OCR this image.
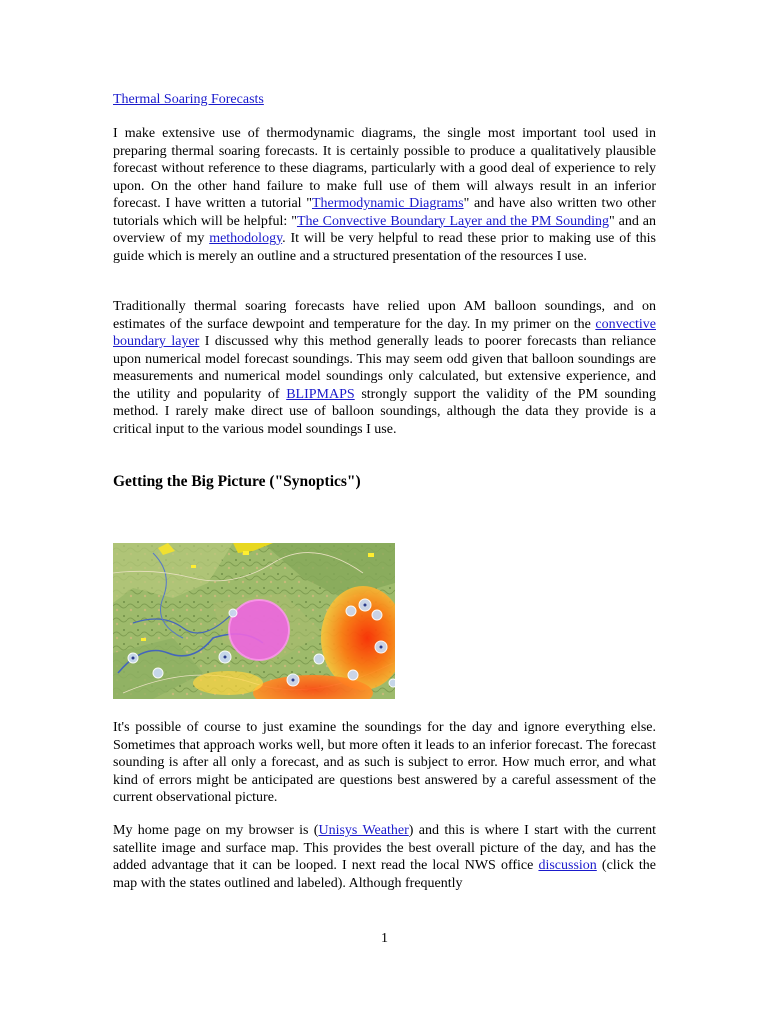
Thermal Soaring Forecasts

I make extensive use of thermodynamic diagrams, the single most important tool used in preparing thermal soaring forecasts. It is certainly possible to produce a qualitatively plausible forecast without reference to these diagrams, particularly with a good deal of experience to rely upon. On the other hand failure to make full use of them will always result in an inferior forecast. I have written a tutorial "Thermodynamic Diagrams" and have also written two other tutorials which will be helpful: "The Convective Boundary Layer and the PM Sounding" and an overview of my methodology. It will be very helpful to read these prior to making use of this guide which is merely an outline and a structured presentation of the resources I use.

Traditionally thermal soaring forecasts have relied upon AM balloon soundings, and on estimates of the surface dewpoint and temperature for the day. In my primer on the convective boundary layer I discussed why this method generally leads to poorer forecasts than reliance upon numerical model forecast soundings. This may seem odd given that balloon soundings are measurements and numerical model soundings only calculated, but extensive experience, and the utility and popularity of BLIPMAPS strongly support the validity of the PM sounding method. I rarely make direct use of balloon soundings, although the data they provide is a critical input to the various model soundings I use.

Getting the Big Picture ("Synoptics")

It's possible of course to just examine the soundings for the day and ignore everything else. Sometimes that approach works well, but more often it leads to an inferior forecast. The forecast sounding is after all only a forecast, and as such is subject to error. How much error, and what kind of errors might be anticipated are questions best answered by a careful assessment of the current observational picture.

My home page on my browser is (Unisys Weather) and this is where I start with the current satellite image and surface map. This provides the best overall picture of the day, and has the added advantage that it can be looped. I next read the local NWS office discussion (click the map with the states outlined and labeled). Although frequently

1
